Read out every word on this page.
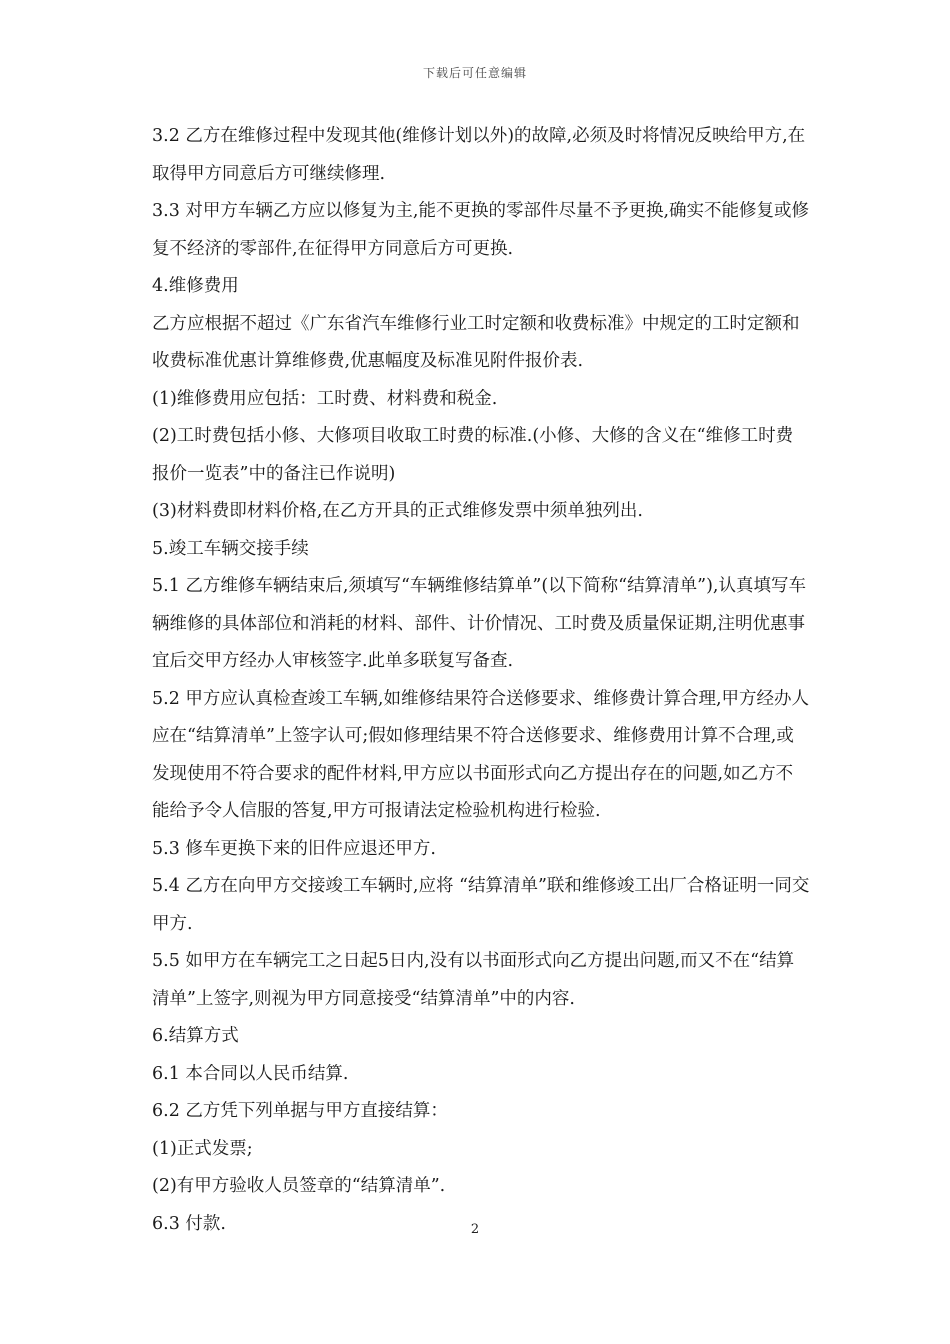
下载后可任意编辑

3.2 乙方在维修过程中发现其他(维修计划以外)的故障,必须及时将情况反映给甲方,在取得甲方同意后方可继续修理.

3.3 对甲方车辆乙方应以修复为主,能不更换的零部件尽量不予更换,确实不能修复或修复不经济的零部件,在征得甲方同意后方可更换.

4.维修费用

乙方应根据不超过《广东省汽车维修行业工时定额和收费标准》中规定的工时定额和收费标准优惠计算维修费,优惠幅度及标准见附件报价表.

(1)维修费用应包括：工时费、材料费和税金.

(2)工时费包括小修、大修项目收取工时费的标准.(小修、大修的含义在“维修工时费报价一览表”中的备注已作说明)

(3)材料费即材料价格,在乙方开具的正式维修发票中须单独列出.

5.竣工车辆交接手续

5.1 乙方维修车辆结束后,须填写“车辆维修结算单”(以下简称“结算清单”),认真填写车辆维修的具体部位和消耗的材料、部件、计价情况、工时费及质量保证期,注明优惠事宜后交甲方经办人审核签字.此单多联复写备查.

5.2 甲方应认真检查竣工车辆,如维修结果符合送修要求、维修费计算合理,甲方经办人应在“结算清单”上签字认可;假如修理结果不符合送修要求、维修费用计算不合理,或发现使用不符合要求的配件材料,甲方应以书面形式向乙方提出存在的问题,如乙方不能给予令人信服的答复,甲方可报请法定检验机构进行检验.

5.3 修车更换下来的旧件应退还甲方.

5.4 乙方在向甲方交接竣工车辆时,应将 “结算清单”联和维修竣工出厂合格证明一同交甲方.

5.5 如甲方在车辆完工之日起5日内,没有以书面形式向乙方提出问题,而又不在“结算清单”上签字,则视为甲方同意接受“结算清单”中的内容.

6.结算方式

6.1 本合同以人民币结算.

6.2 乙方凭下列单据与甲方直接结算：

(1)正式发票;

(2)有甲方验收人员签章的“结算清单”.

6.3 付款.	2
